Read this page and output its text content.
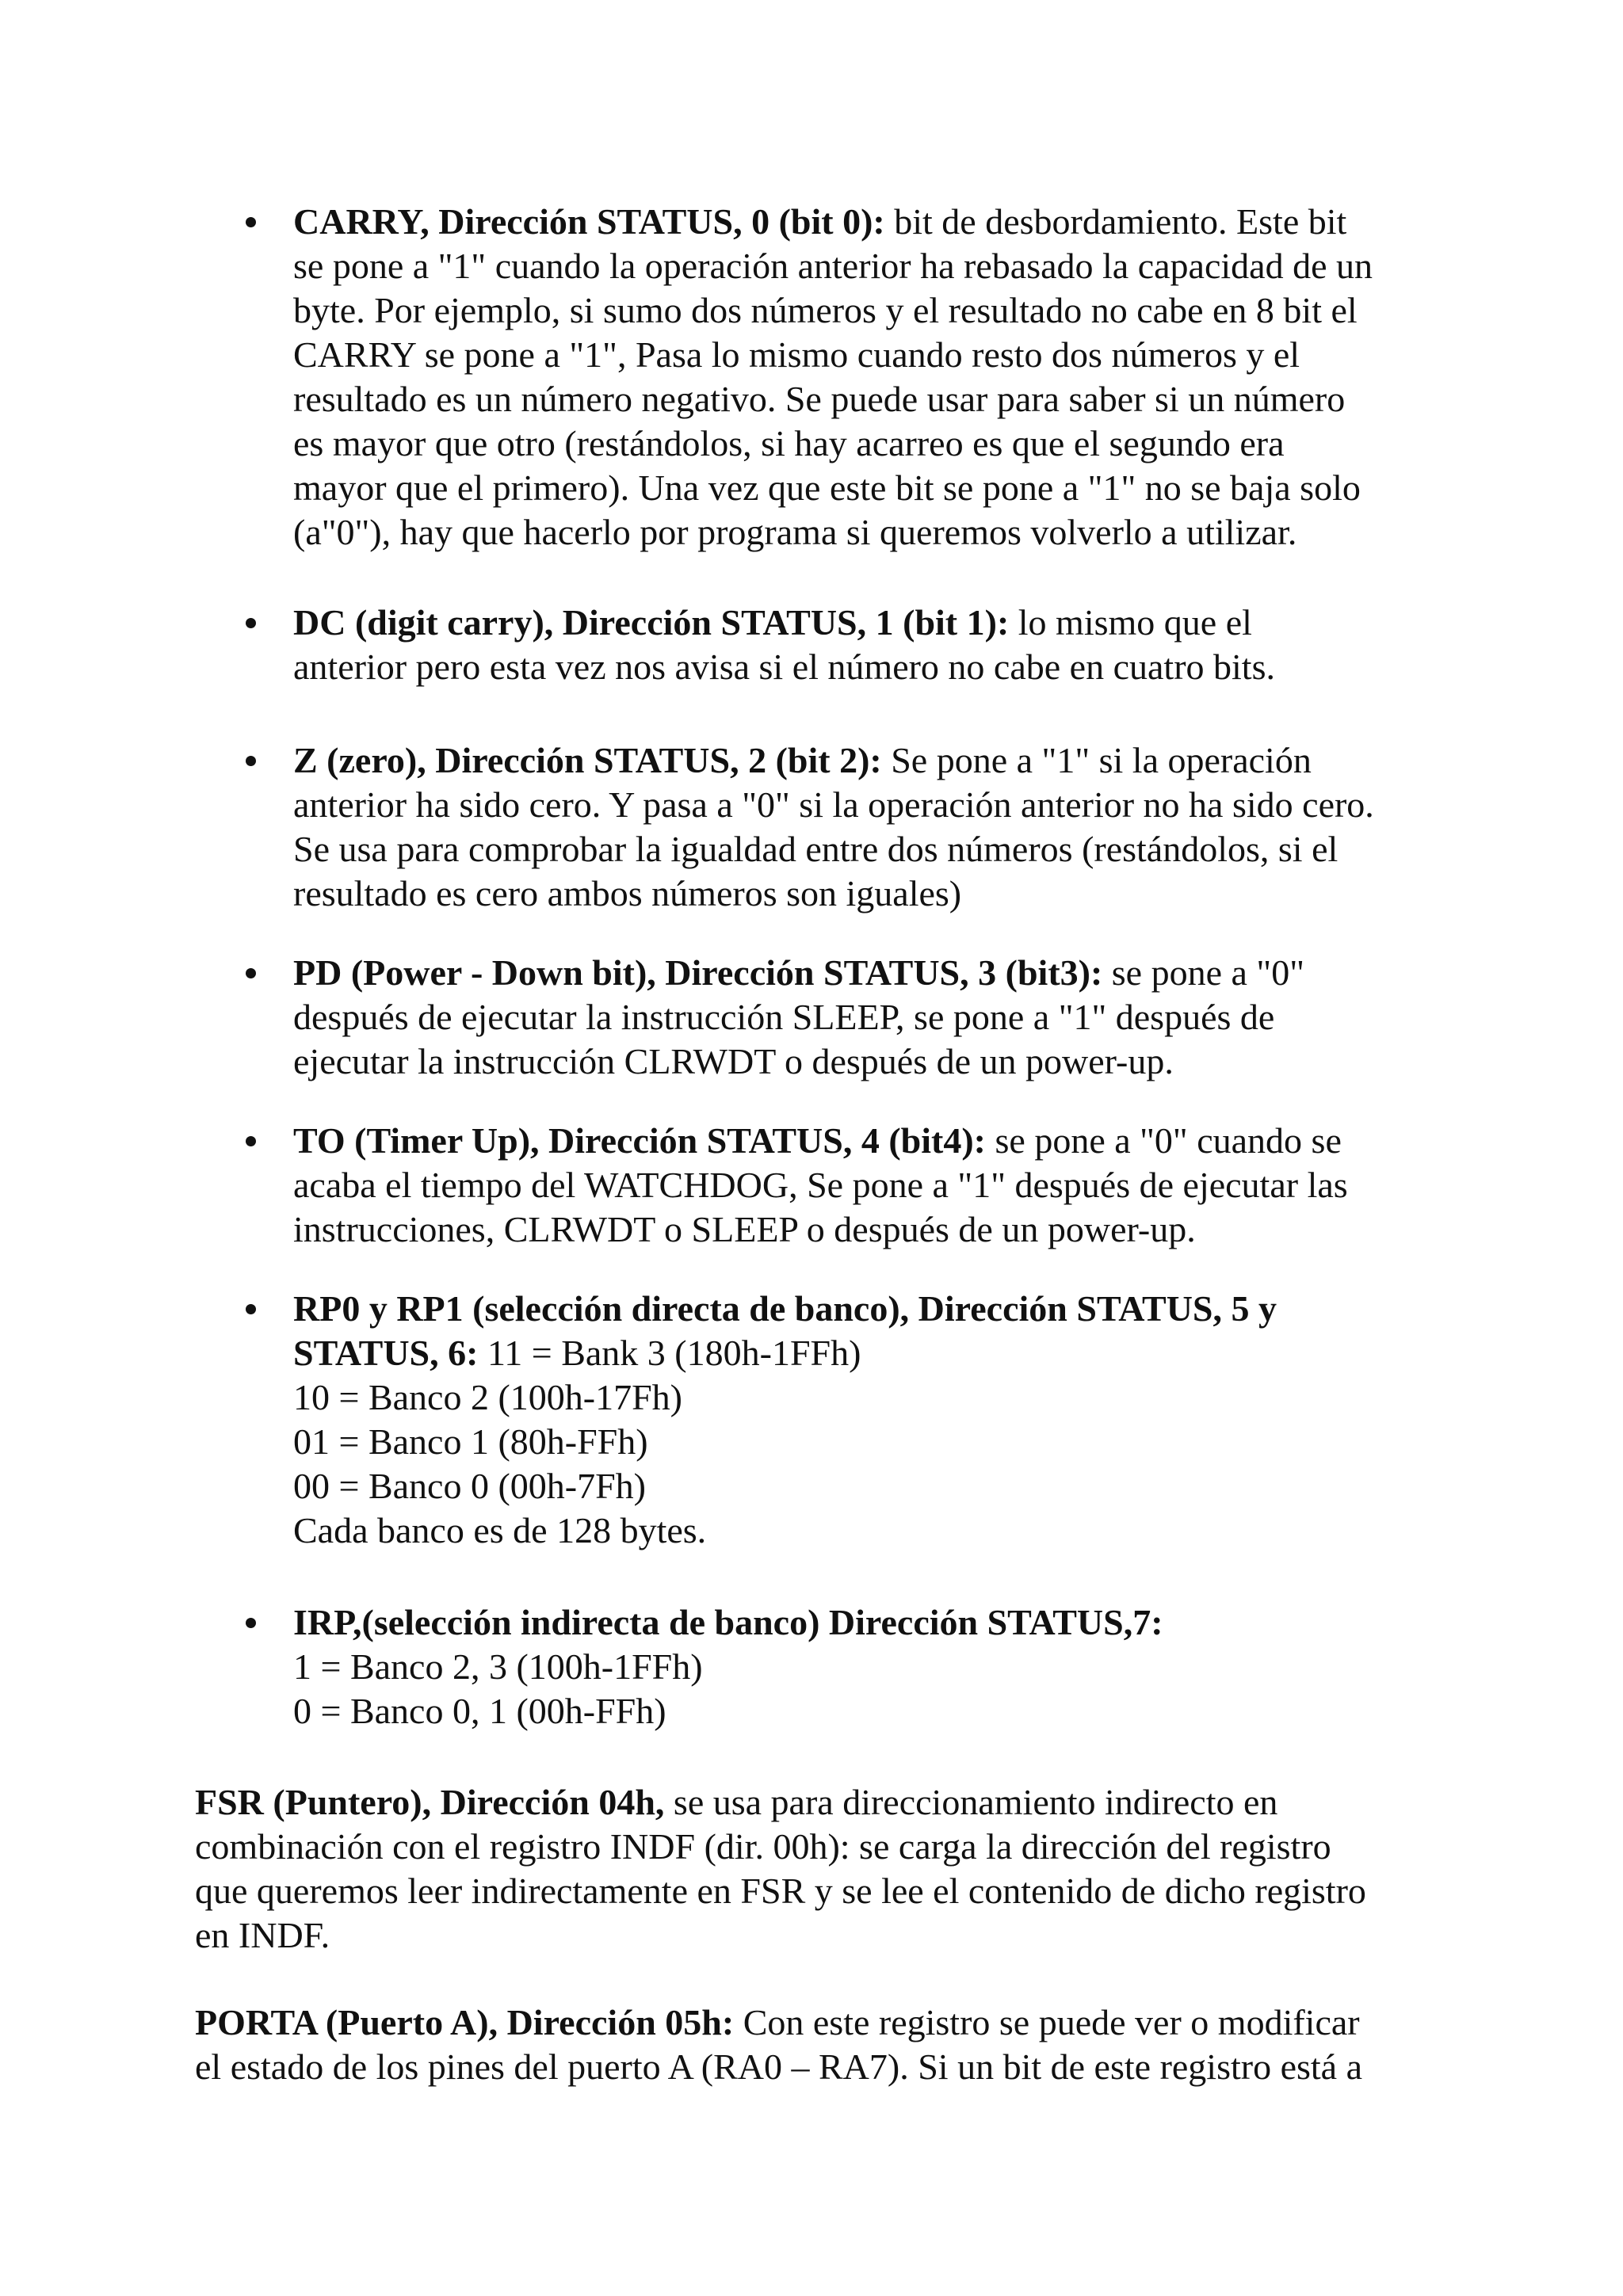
CARRY, Dirección STATUS, 0 (bit 0): bit de desbordamiento. Este bit
se pone a "1" cuando la operación anterior ha rebasado la capacidad de un
byte. Por ejemplo, si sumo dos números y el resultado no cabe en 8 bit el
CARRY se pone a "1", Pasa lo mismo cuando resto dos números y el
resultado es un número negativo. Se puede usar para saber si un número
es mayor que otro (restándolos, si hay acarreo es que el segundo era
mayor que el primero). Una vez que este bit se pone a "1" no se baja solo
(a"0"), hay que hacerlo por programa si queremos volverlo a utilizar.
DC (digit carry), Dirección STATUS, 1 (bit 1): lo mismo que el
anterior pero esta vez nos avisa si el número no cabe en cuatro bits.
Z (zero), Dirección STATUS, 2 (bit 2): Se pone a "1" si la operación
anterior ha sido cero. Y pasa a "0" si la operación anterior no ha sido cero.
Se usa para comprobar la igualdad entre dos números (restándolos, si el
resultado es cero ambos números son iguales)
PD (Power - Down bit), Dirección STATUS, 3 (bit3): se pone a "0"
después de ejecutar la instrucción SLEEP, se pone a "1" después de
ejecutar la instrucción CLRWDT o después de un power-up.
TO (Timer Up), Dirección STATUS, 4 (bit4): se pone a "0" cuando se
acaba el tiempo del WATCHDOG, Se pone a "1" después de ejecutar las
instrucciones, CLRWDT o SLEEP o después de un power-up.
RP0 y RP1 (selección directa de banco), Dirección STATUS, 5 y
STATUS, 6: 11 = Bank 3 (180h-1FFh)
10 = Banco 2 (100h-17Fh)
01 = Banco 1 (80h-FFh)
00 = Banco 0 (00h-7Fh)
Cada banco es de 128 bytes.
IRP,(selección indirecta de banco) Dirección STATUS,7:
1 = Banco 2, 3 (100h-1FFh)
0 = Banco 0, 1 (00h-FFh)
FSR (Puntero), Dirección 04h, se usa para direccionamiento indirecto en
combinación con el registro INDF (dir. 00h): se carga la dirección del registro
que queremos leer indirectamente en FSR y se lee el contenido de dicho registro
en INDF.
PORTA (Puerto A), Dirección 05h: Con este registro se puede ver o modificar
el estado de los pines del puerto A (RA0 – RA7). Si un bit de este registro está a
